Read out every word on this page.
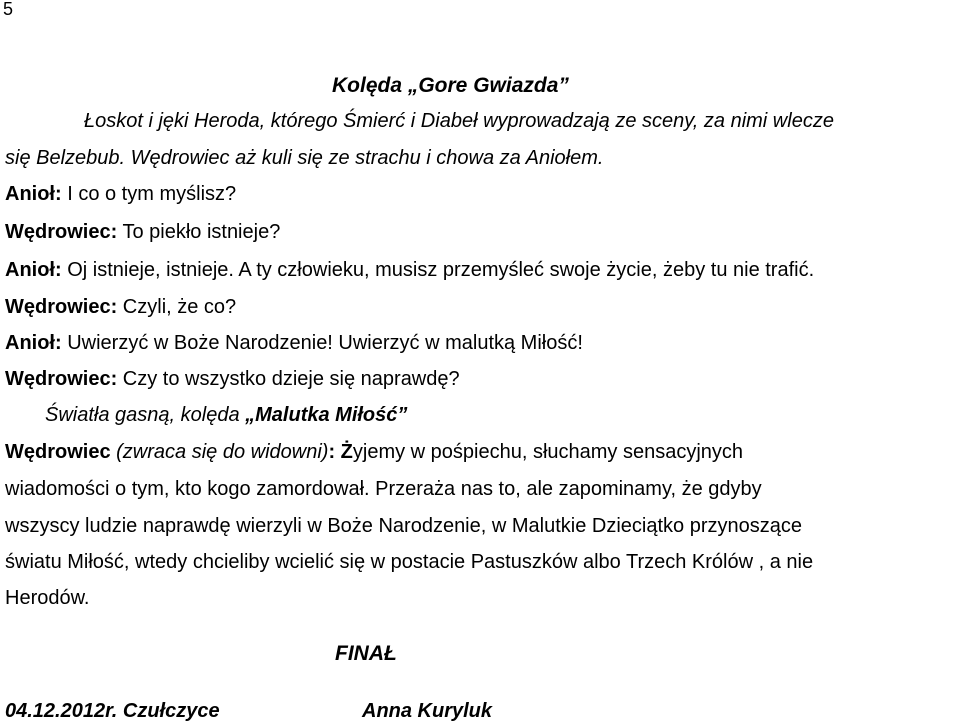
5
Kolęda „Gore Gwiazda”
Łoskot i jęki Heroda, którego Śmierć i Diabeł wyprowadzają ze sceny, za nimi wlecze
się Belzebub. Wędrowiec aż kuli się ze strachu i chowa za Aniołem.
Anioł: I co o tym myślisz?
Wędrowiec: To piekło istnieje?
Anioł: Oj istnieje, istnieje. A ty człowieku, musisz przemyśleć swoje życie, żeby tu nie trafić.
Wędrowiec: Czyli, że co?
Anioł: Uwierzyć w Boże Narodzenie! Uwierzyć w malutką Miłość!
Wędrowiec: Czy to wszystko dzieje się naprawdę?
Światła gasną, kolęda „Malutka Miłość”
Wędrowiec (zwraca się do widowni): Żyjemy w pośpiechu, słuchamy sensacyjnych
wiadomości o tym, kto kogo zamordował. Przeraża nas to, ale zapominamy, że gdyby
wszyscy ludzie naprawdę wierzyli w Boże Narodzenie, w Malutkie Dzieciątko przynoszące
światu Miłość, wtedy chcieliby wcielić się w postacie Pastuszków albo Trzech Królów , a nie
Herodów.
FINAŁ
04.12.2012r. Czułczyce	Anna Kuryluk
